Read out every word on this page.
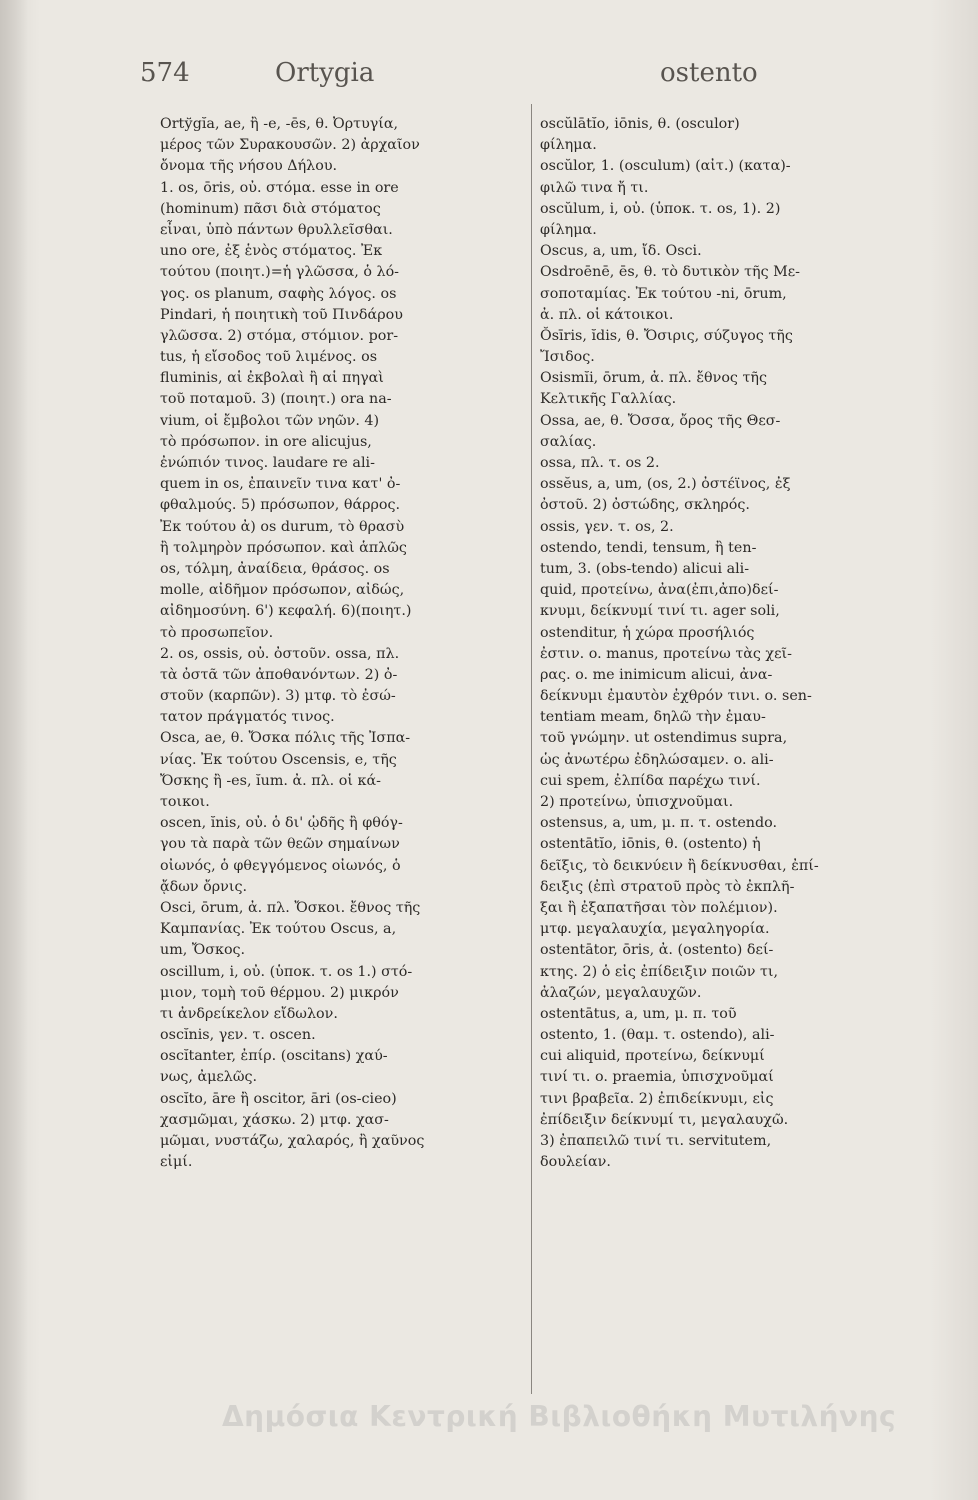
574	Ortygia	ostento
Ortўgĭa, ae, ἢ -e, -ēs, θ. Ὀρτυγία,
μέρος τῶν Συρακουσῶν. 2) ἀρχαῖον
ὄνομα τῆς νήσου Δήλου.
1. os, ōris, οὐ. στόμα. esse in ore
(hominum) πᾶσι διὰ στόματος
εἶναι, ὑπὸ πάντων θρυλλεῖσθαι.
uno ore, ἐξ ἑνὸς στόματος. Ἐκ
τούτου (ποιητ.)=ἡ γλῶσσα, ὁ λό-
γος. os planum, σαφὴς λόγος. os
Pindari, ἡ ποιητικὴ τοῦ Πινδάρου
γλῶσσα. 2) στόμα, στόμιον. por-
tus, ἡ εἴσοδος τοῦ λιμένος. os
fluminis, αἱ ἐκβολαὶ ἢ αἱ πηγαὶ
τοῦ ποταμοῦ. 3) (ποιητ.) ora na-
vium, οἱ ἔμβολοι τῶν νηῶν. 4)
τὸ πρόσωπον. in ore alicujus,
ἐνώπιόν τινος. laudare re ali-
quem in os, ἐπαινεῖν τινα κατ' ὀ-
φθαλμούς. 5) πρόσωπον, θάρρος.
Ἐκ τούτου ἀ) os durum, τὸ θρασὺ
ἢ τολμηρὸν πρόσωπον. καὶ ἁπλῶς
os, τόλμη, ἀναίδεια, θράσος. os
molle, αἰδῆμον πρόσωπον, αἰδώς,
αἰδημοσύνη. 6') κεφαλή. 6)(ποιητ.)
τὸ προσωπεῖον.
2. os, ossis, οὐ. ὀστοῦν. ossa, πλ.
τὰ ὀστᾶ τῶν ἀποθανόντων. 2) ὀ-
στοῦν (καρπῶν). 3) μτφ. τὸ ἐσώ-
τατον πράγματός τινος.
Osca, ae, θ. Ὄσκα πόλις τῆς Ἰσπα-
νίας. Ἐκ τούτου Oscensis, e, τῆς
Ὄσκης ἢ -es, ĭum. ἀ. πλ. οἱ κά-
τοικοι.
oscen, ĭnis, οὐ. ὁ δι' ᾠδῆς ἢ φθόγ-
γου τὰ παρὰ τῶν θεῶν σημαίνων
οἰωνός, ὁ φθεγγόμενος οἰωνός, ὁ
ᾄδων ὄρνις.
Osci, ōrum, ἀ. πλ. Ὄσκοι. ἔθνος τῆς
Καμπανίας. Ἐκ τούτου Oscus, a,
um, Ὄσκος.
oscillum, i, οὐ. (ὑποκ. τ. os 1.) στό-
μιον, τομὴ τοῦ θέρμου. 2) μικρόν
τι ἀνδρείκελον εἴδωλον.
oscĭnis, γεν. τ. oscen.
oscĭtanter, ἐπίρ. (oscitans) χαύ-
νως, ἀμελῶς.
oscĭto, āre ἢ oscitor, āri (os-cieo)
χασμῶμαι, χάσκω. 2) μτφ. χασ-
μῶμαι, νυστάζω, χαλαρός, ἢ χαῦνος
εἰμί.
oscŭlātĭo, iōnis, θ. (osculor)
φίλημα.
oscŭlor, 1. (osculum) (αἰτ.) (κατα)-
φιλῶ τινα ἤ τι.
oscŭlum, i, οὐ. (ὑποκ. τ. os, 1). 2)
φίλημα.
Oscus, a, um, ἴδ. Osci.
Osdroēnē, ēs, θ. τὸ δυτικὸν τῆς Με-
σοποταμίας. Ἐκ τούτου -ni, ōrum,
ἀ. πλ. οἱ κάτοικοι.
Ŏsīris, ĭdis, θ. Ὄσιρις, σύζυγος τῆς
Ἴσιδος.
Osismĭi, ōrum, ἀ. πλ. ἔθνος τῆς
Κελτικῆς Γαλλίας.
Ossa, ae, θ. Ὄσσα, ὄρος τῆς Θεσ-
σαλίας.
ossa, πλ. τ. os 2.
ossĕus, a, um, (os, 2.) ὀστέϊνος, ἐξ
ὀστοῦ. 2) ὀστώδης, σκληρός.
ossis, γεν. τ. os, 2.
ostendo, tendi, tensum, ἢ ten-
tum, 3. (obs-tendo) alicui ali-
quid, προτείνω, ἀνα(ἐπι,ἀπο)δεί-
κνυμι, δείκνυμί τινί τι. ager soli,
ostenditur, ἡ χώρα προσήλιός
ἐστιν. o. manus, προτείνω τὰς χεῖ-
ρας. o. me inimicum alicui, ἀνα-
δείκνυμι ἐμαυτὸν ἐχθρόν τινι. o. sen-
tentiam meam, δηλῶ τὴν ἐμαυ-
τοῦ γνώμην. ut ostendimus supra,
ὡς ἀνωτέρω ἐδηλώσαμεν. o. ali-
cui spem, ἐλπίδα παρέχω τινί.
2) προτείνω, ὑπισχνοῦμαι.
ostensus, a, um, μ. π. τ. ostendo.
ostentātĭo, iōnis, θ. (ostento) ἡ
δεῖξις, τὸ δεικνύειν ἢ δείκνυσθαι, ἐπί-
δειξις (ἐπὶ στρατοῦ πρὸς τὸ ἐκπλῆ-
ξαι ἢ ἐξαπατῆσαι τὸν πολέμιον).
μτφ. μεγαλαυχία, μεγαληγορία.
ostentātor, ōris, ἀ. (ostento) δεί-
κτης. 2) ὁ εἰς ἐπίδειξιν ποιῶν τι,
ἀλαζών, μεγαλαυχῶν.
ostentātus, a, um, μ. π. τοῦ
ostento, 1. (θαμ. τ. ostendo), ali-
cui aliquid, προτείνω, δείκνυμί
τινί τι. o. praemia, ὑπισχνοῦμαί
τινι βραβεῖα. 2) ἐπιδείκνυμι, εἰς
ἐπίδειξιν δείκνυμί τι, μεγαλαυχῶ.
3) ἐπαπειλῶ τινί τι. servitutem,
δουλείαν.
Δημόσια Κεντρική Βιβλιοθήκη Μυτιλήνης
